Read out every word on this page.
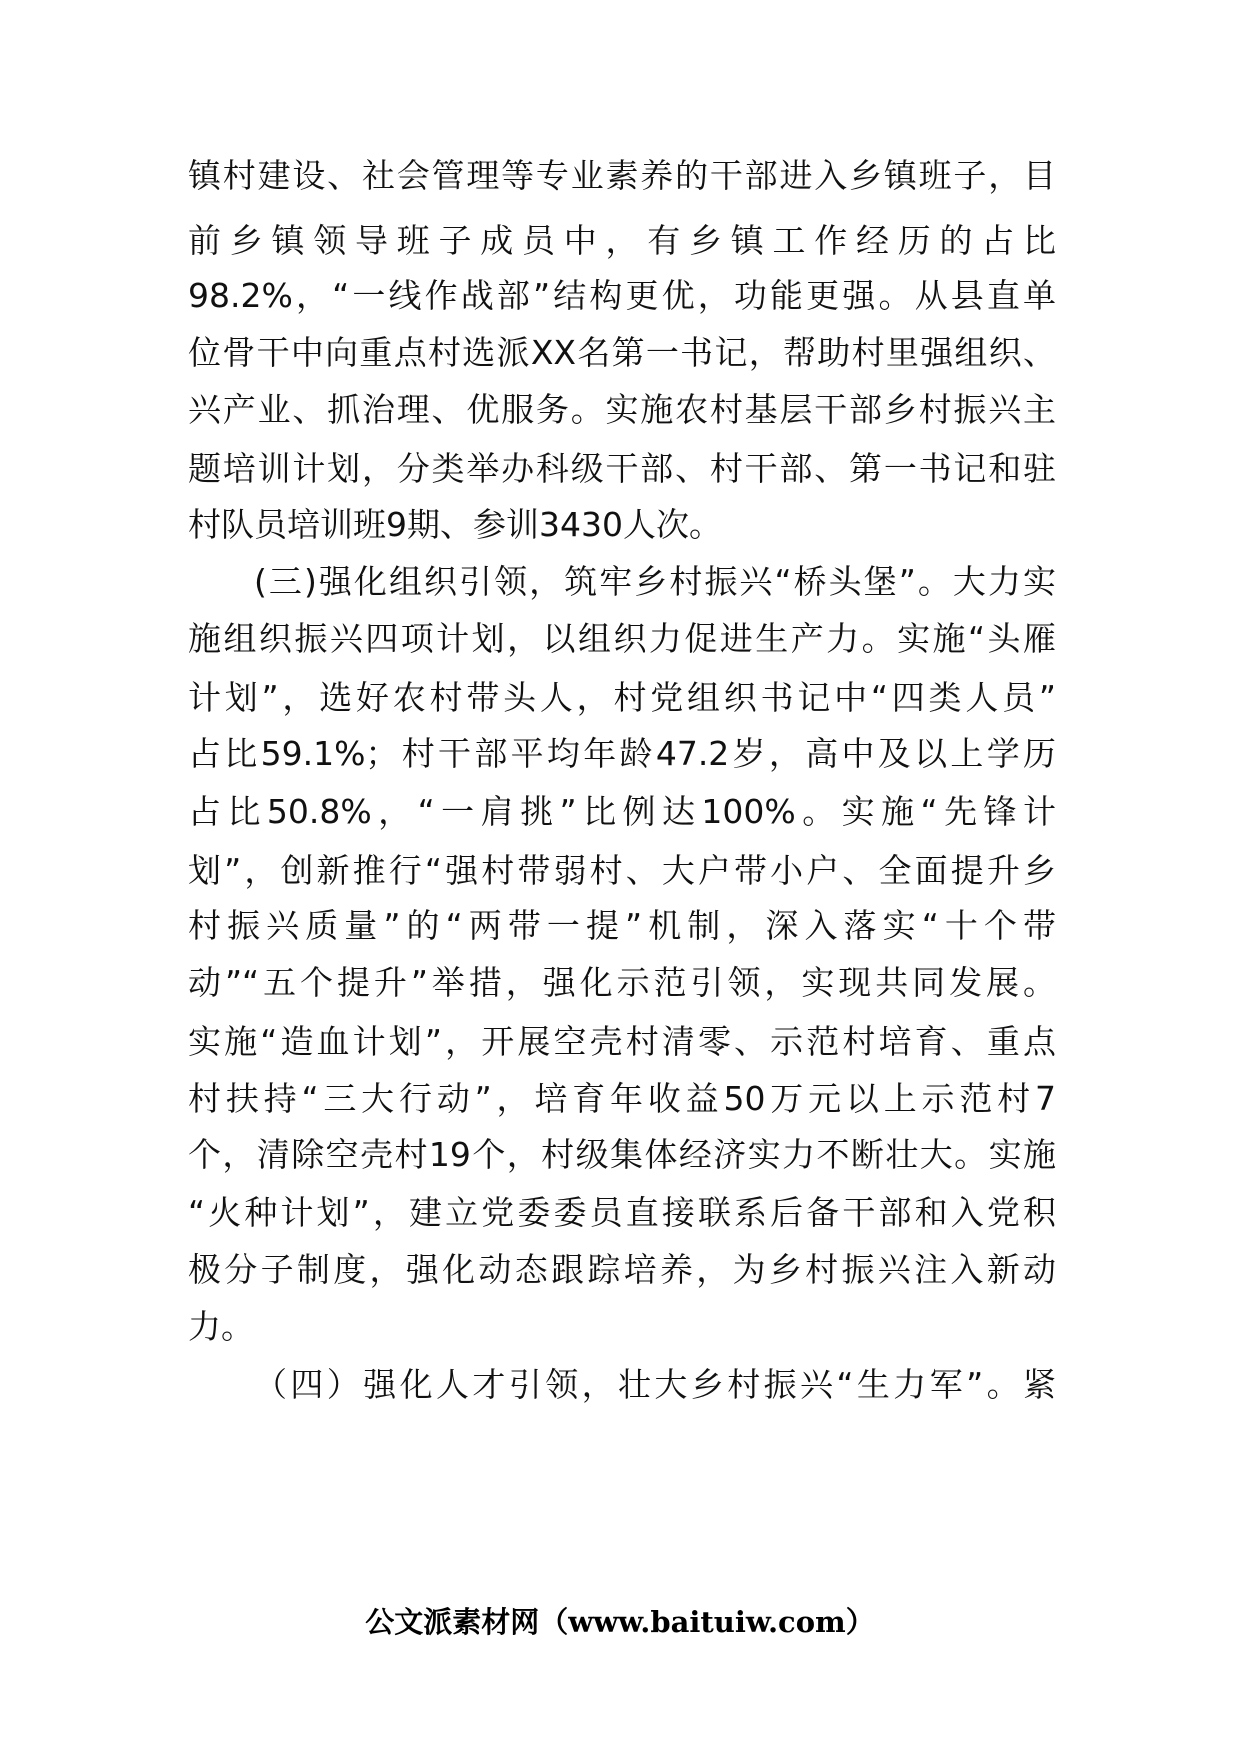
镇村建设、社会管理等专业素养的干部进入乡镇班子，目
前乡镇领导班子成员中，有乡镇工作经历的占比
98.2%，“一线作战部”结构更优，功能更强。从县直单
位骨干中向重点村选派XX名第一书记，帮助村里强组织、
兴产业、抓治理、优服务。实施农村基层干部乡村振兴主
题培训计划，分类举办科级干部、村干部、第一书记和驻
村队员培训班9期、参训3430人次。
(三)强化组织引领，筑牢乡村振兴“桥头堡”。大力实
施组织振兴四项计划，以组织力促进生产力。实施“头雁
计划”，选好农村带头人，村党组织书记中“四类人员”
占比59.1%；村干部平均年龄47.2岁，高中及以上学历
占比50.8%，“一肩挑”比例达100%。实施“先锋计
划”，创新推行“强村带弱村、大户带小户、全面提升乡
村振兴质量”的“两带一提”机制，深入落实“十个带
动”“五个提升”举措，强化示范引领，实现共同发展。
实施“造血计划”，开展空壳村清零、示范村培育、重点
村扶持“三大行动”，培育年收益50万元以上示范村7
个，清除空壳村19个，村级集体经济实力不断壮大。实施
“火种计划”，建立党委委员直接联系后备干部和入党积
极分子制度，强化动态跟踪培养，为乡村振兴注入新动
力。
（四）强化人才引领，壮大乡村振兴“生力军”。紧
公文派素材网（www.baituiw.com）
